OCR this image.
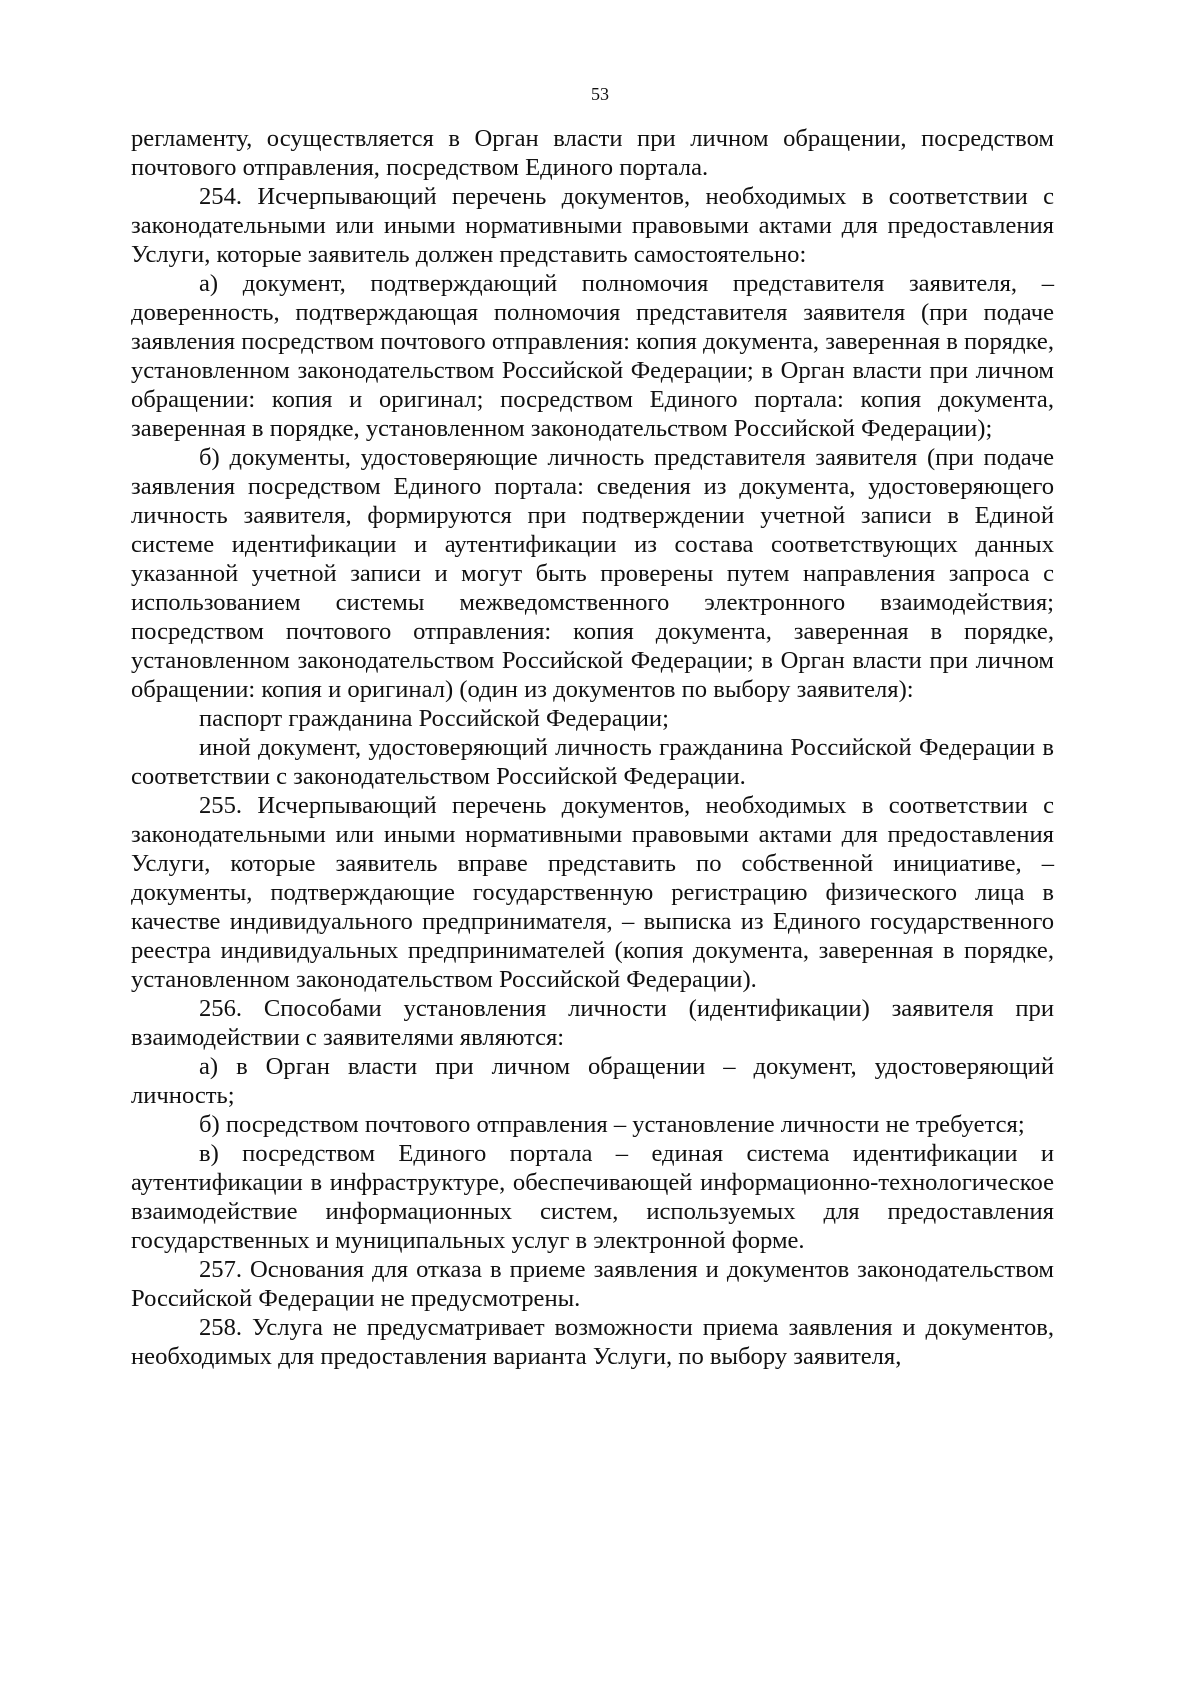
53

регламенту, осуществляется в Орган власти при личном обращении, посредством почтового отправления, посредством Единого портала.

254. Исчерпывающий перечень документов, необходимых в соответствии с законодательными или иными нормативными правовыми актами для предоставления Услуги, которые заявитель должен представить самостоятельно:

а) документ, подтверждающий полномочия представителя заявителя, – доверенность, подтверждающая полномочия представителя заявителя (при подаче заявления посредством почтового отправления: копия документа, заверенная в порядке, установленном законодательством Российской Федерации; в Орган власти при личном обращении: копия и оригинал; посредством Единого портала: копия документа, заверенная в порядке, установленном законодательством Российской Федерации);

б) документы, удостоверяющие личность представителя заявителя (при подаче заявления посредством Единого портала: сведения из документа, удостоверяющего личность заявителя, формируются при подтверждении учетной записи в Единой системе идентификации и аутентификации из состава соответствующих данных указанной учетной записи и могут быть проверены путем направления запроса с использованием системы межведомственного электронного взаимодействия; посредством почтового отправления: копия документа, заверенная в порядке, установленном законодательством Российской Федерации; в Орган власти при личном обращении: копия и оригинал) (один из документов по выбору заявителя):

паспорт гражданина Российской Федерации;

иной документ, удостоверяющий личность гражданина Российской Федерации в соответствии с законодательством Российской Федерации.

255. Исчерпывающий перечень документов, необходимых в соответствии с законодательными или иными нормативными правовыми актами для предоставления Услуги, которые заявитель вправе представить по собственной инициативе, – документы, подтверждающие государственную регистрацию физического лица в качестве индивидуального предпринимателя, – выписка из Единого государственного реестра индивидуальных предпринимателей (копия документа, заверенная в порядке, установленном законодательством Российской Федерации).

256. Способами установления личности (идентификации) заявителя при взаимодействии с заявителями являются:

а) в Орган власти при личном обращении – документ, удостоверяющий личность;

б) посредством почтового отправления – установление личности не требуется;

в) посредством Единого портала – единая система идентификации и аутентификации в инфраструктуре, обеспечивающей информационно-технологическое взаимодействие информационных систем, используемых для предоставления государственных и муниципальных услуг в электронной форме.

257. Основания для отказа в приеме заявления и документов законодательством Российской Федерации не предусмотрены.

258. Услуга не предусматривает возможности приема заявления и документов, необходимых для предоставления варианта Услуги, по выбору заявителя,
